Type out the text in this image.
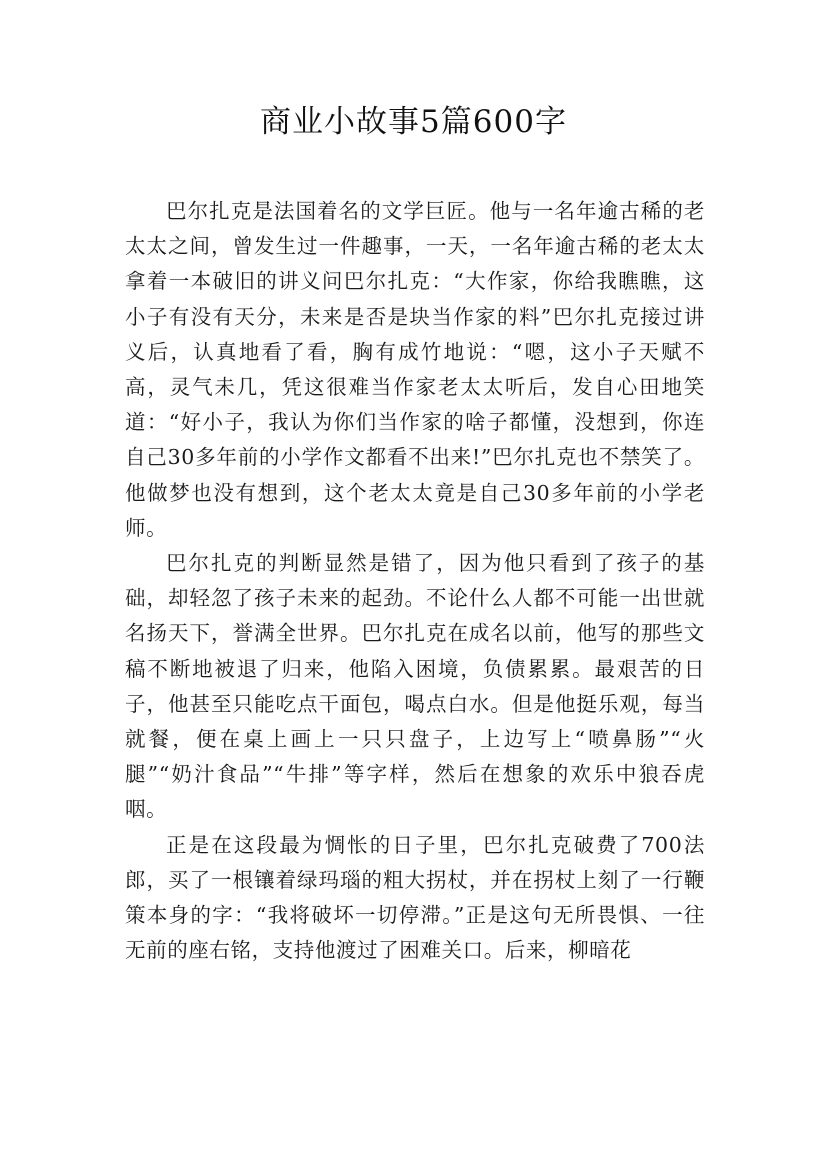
商业小故事5篇600字

巴尔扎克是法国着名的文学巨匠。他与一名年逾古稀的老太太之间，曾发生过一件趣事，一天，一名年逾古稀的老太太拿着一本破旧的讲义问巴尔扎克：“大作家，你给我瞧瞧，这小子有没有天分，未来是否是块当作家的料”巴尔扎克接过讲义后，认真地看了看，胸有成竹地说：“嗯，这小子天赋不高，灵气未几，凭这很难当作家老太太听后，发自心田地笑道：“好小子，我认为你们当作家的啥子都懂，没想到，你连自己30多年前的小学作文都看不出来!”巴尔扎克也不禁笑了。他做梦也没有想到，这个老太太竟是自己30多年前的小学老师。

巴尔扎克的判断显然是错了，因为他只看到了孩子的基础，却轻忽了孩子未来的起劲。不论什么人都不可能一出世就名扬天下，誉满全世界。巴尔扎克在成名以前，他写的那些文稿不断地被退了归来，他陷入困境，负债累累。最艰苦的日子，他甚至只能吃点干面包，喝点白水。但是他挺乐观，每当就餐，便在桌上画上一只只盘子，上边写上“喷鼻肠”“火腿”“奶汁食品”“牛排”等字样，然后在想象的欢乐中狼吞虎咽。

正是在这段最为惆怅的日子里，巴尔扎克破费了700法郎，买了一根镶着绿玛瑙的粗大拐杖，并在拐杖上刻了一行鞭策本身的字：“我将破坏一切停滞。”正是这句无所畏惧、一往无前的座右铭，支持他渡过了困难关口。后来，柳暗花
